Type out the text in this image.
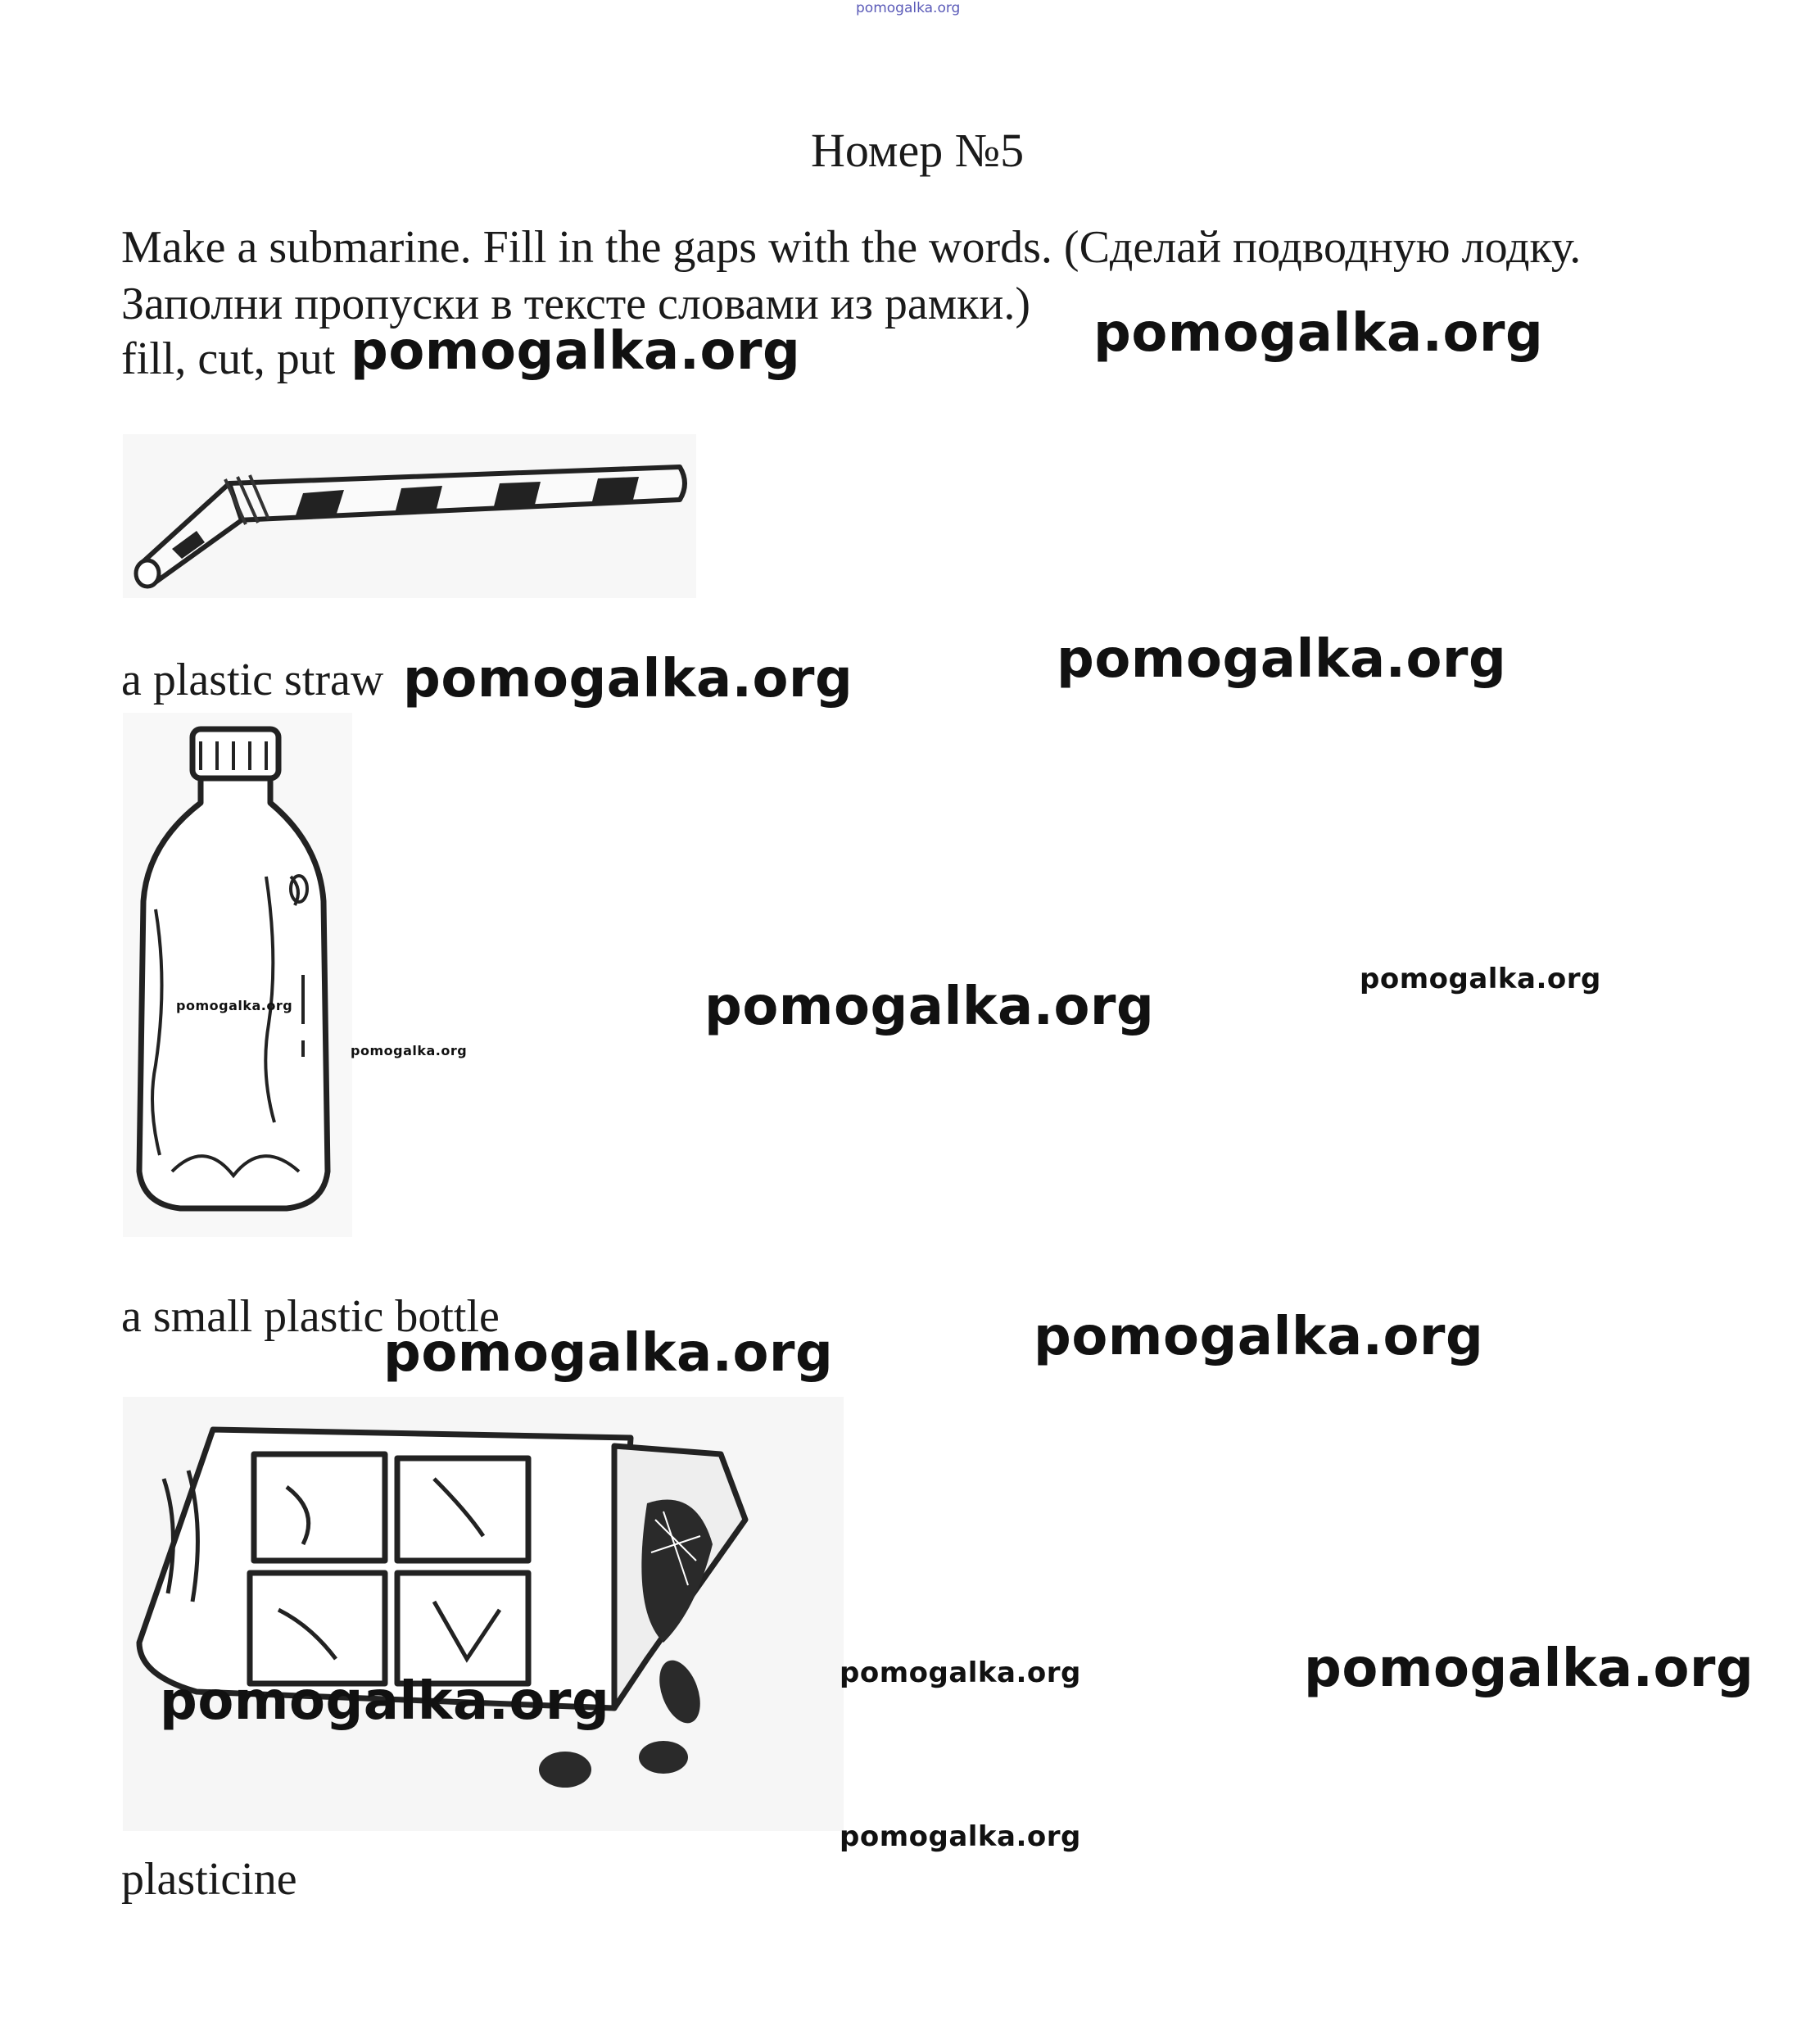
pomogalka.org
Номер №5
Make a submarine. Fill in the gaps with the words. (Сделай подводную лодку.
Заполни пропуски в тексте словами из рамки.)
fill, cut, put pomogalka.org	pomogalka.org
a plastic straw pomogalka.org	pomogalka.org
pomogalka.org
pomogalka.org
pomogalka.org	pomogalka.org
a small plastic bottle
pomogalka.org	pomogalka.org
pomogalka.org	pomogalka.org	pomogalka.org
pomogalka.org
plasticine
